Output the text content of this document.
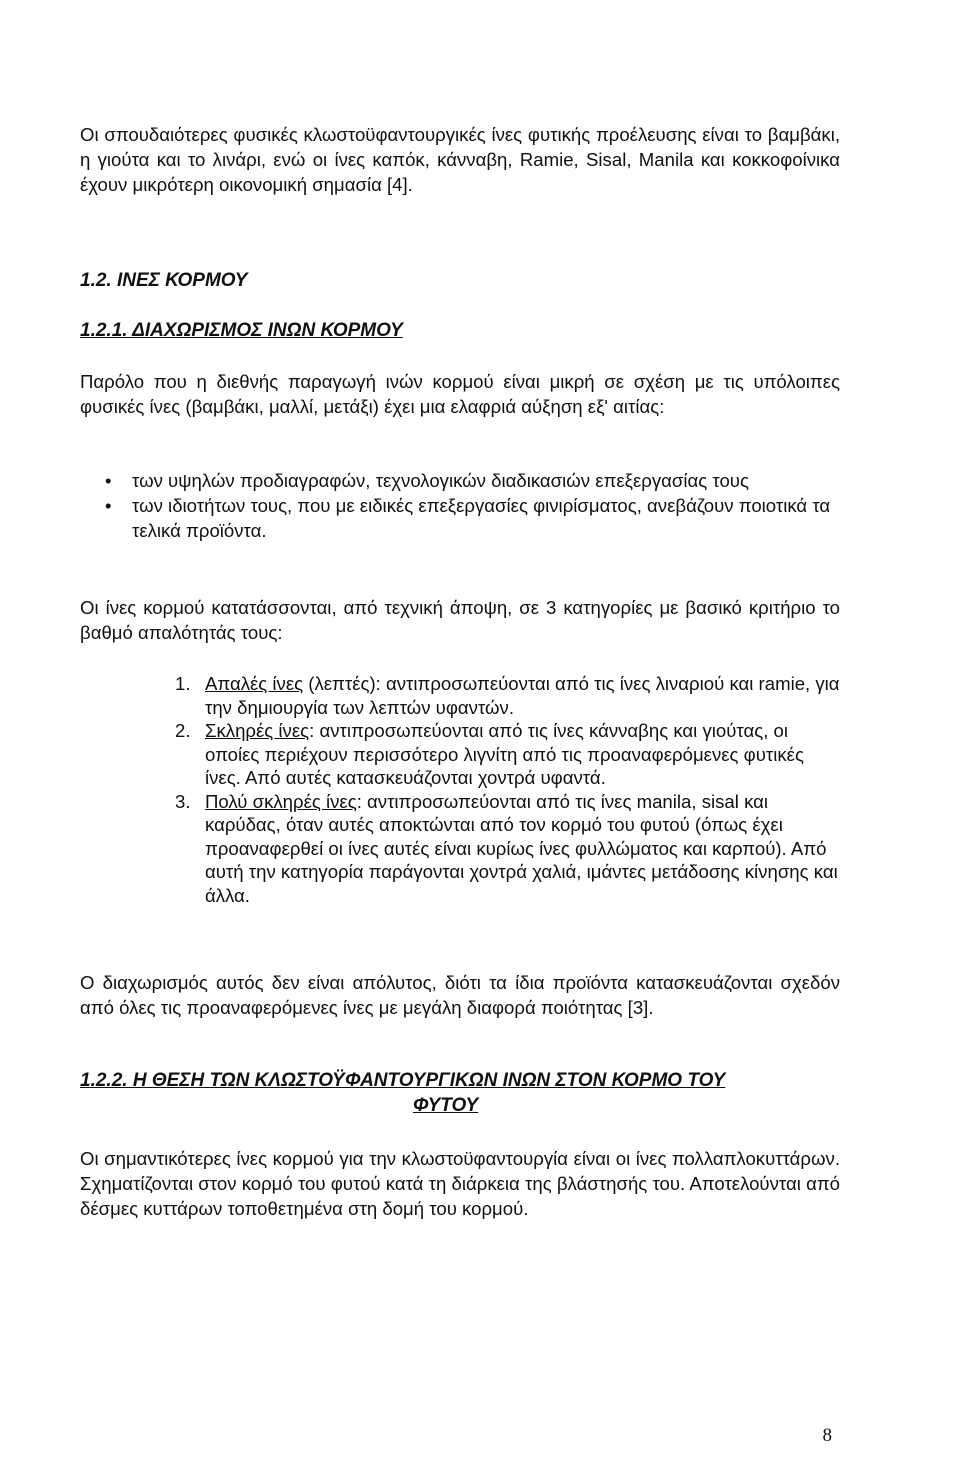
Οι σπουδαιότερες φυσικές κλωστοϋφαντουργικές ίνες φυτικής προέλευσης είναι το βαμβάκι, η γιούτα και το λινάρι, ενώ οι ίνες καπόκ, κάνναβη, Ramie, Sisal, Manila και κοκκοφοίνικα έχουν μικρότερη οικονομική σημασία [4].

1.2. ΙΝΕΣ ΚΟΡΜΟΥ
1.2.1. ΔΙΑΧΩΡΙΣΜΟΣ ΙΝΩΝ ΚΟΡΜΟΥ

Παρόλο που η διεθνής παραγωγή ινών κορμού είναι μικρή σε σχέση με τις υπόλοιπες φυσικές ίνες (βαμβάκι, μαλλί, μετάξι) έχει μια ελαφριά αύξηση εξ' αιτίας:

• των υψηλών προδιαγραφών, τεχνολογικών διαδικασιών επεξεργασίας τους
• των ιδιοτήτων τους, που με ειδικές επεξεργασίες φινιρίσματος, ανεβάζουν ποιοτικά τα τελικά προϊόντα.

Οι ίνες κορμού κατατάσσονται, από τεχνική άποψη, σε 3 κατηγορίες με βασικό κριτήριο το βαθμό απαλότητάς τους:

1. Απαλές ίνες (λεπτές): αντιπροσωπεύονται από τις ίνες λιναριού και ramie, για την δημιουργία των λεπτών υφαντών.
2. Σκληρές ίνες: αντιπροσωπεύονται από τις ίνες κάνναβης και γιούτας, οι οποίες περιέχουν περισσότερο λιγνίτη από τις προαναφερόμενες φυτικές ίνες. Από αυτές κατασκευάζονται χοντρά υφαντά.
3. Πολύ σκληρές ίνες: αντιπροσωπεύονται από τις ίνες manila, sisal και καρύδας, όταν αυτές αποκτώνται από τον κορμό του φυτού (όπως έχει προαναφερθεί οι ίνες αυτές είναι κυρίως ίνες φυλλώματος και καρπού). Από αυτή την κατηγορία παράγονται χοντρά χαλιά, ιμάντες μετάδοσης κίνησης και άλλα.

Ο διαχωρισμός αυτός δεν είναι απόλυτος, διότι τα ίδια προϊόντα κατασκευάζονται σχεδόν από όλες τις προαναφερόμενες ίνες με μεγάλη διαφορά ποιότητας [3].

1.2.2. Η ΘΕΣΗ ΤΩΝ ΚΛΩΣΤΟΫΦΑΝΤΟΥΡΓΙΚΩΝ ΙΝΩΝ ΣΤΟΝ ΚΟΡΜΟ ΤΟΥ
ΦΥΤΟΥ

Οι σημαντικότερες ίνες κορμού για την κλωστοϋφαντουργία είναι οι ίνες πολλαπλοκυττάρων. Σχηματίζονται στον κορμό του φυτού κατά τη διάρκεια της βλάστησής του. Αποτελούνται από δέσμες κυττάρων τοποθετημένα στη δομή του κορμού.

8
